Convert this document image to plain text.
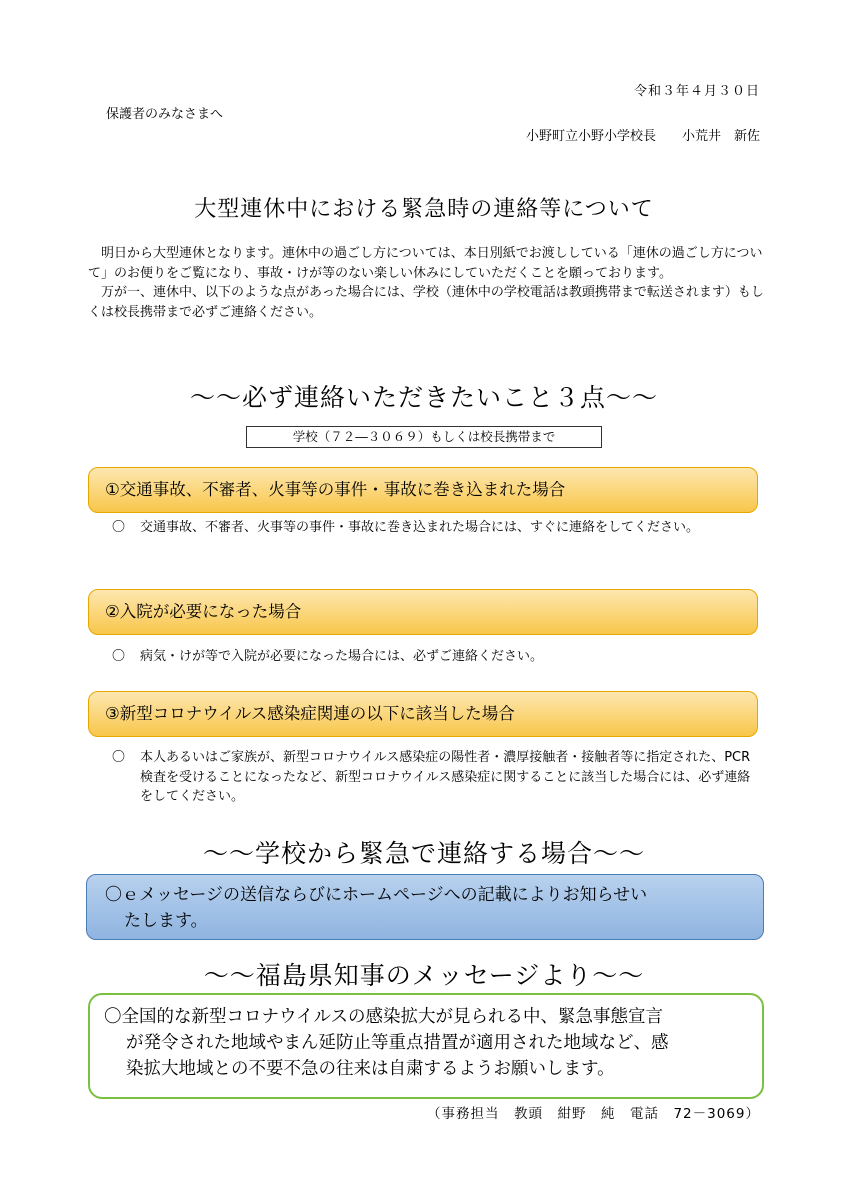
令和３年４月３０日
保護者のみなさまへ
小野町立小野小学校長　　小荒井　新佐
大型連休中における緊急時の連絡等について

明日から大型連休となります。連休中の過ごし方については、本日別紙でお渡ししている「連休の過ごし方について」のお便りをご覧になり、事故・けが等のない楽しい休みにしていただくことを願っております。

万が一、連休中、以下のような点があった場合には、学校（連休中の学校電話は教頭携帯まで転送されます）もしくは校長携帯まで必ずご連絡ください。

～～必ず連絡いただきたいこと３点～～
学校（７２―３０６９）もしくは校長携帯まで
①交通事故、不審者、火事等の事件・事故に巻き込まれた場合
〇 交通事故、不審者、火事等の事件・事故に巻き込まれた場合には、すぐに連絡をしてください。
②入院が必要になった場合
〇 病気・けが等で入院が必要になった場合には、必ずご連絡ください。
③新型コロナウイルス感染症関連の以下に該当した場合
〇 本人あるいはご家族が、新型コロナウイルス感染症の陽性者・濃厚接触者・接触者等に指定された、PCR検査を受けることになったなど、新型コロナウイルス感染症に関することに該当した場合には、必ず連絡をしてください。
～～学校から緊急で連絡する場合～～
〇ｅメッセージの送信ならびにホームページへの記載によりお知らせい
たします。
～～福島県知事のメッセージより～～
〇全国的な新型コロナウイルスの感染拡大が見られる中、緊急事態宣言
が発令された地域やまん延防止等重点措置が適用された地域など、感
染拡大地域との不要不急の往来は自粛するようお願いします。
（事務担当　教頭　紺野　純　電話　72－3069）
